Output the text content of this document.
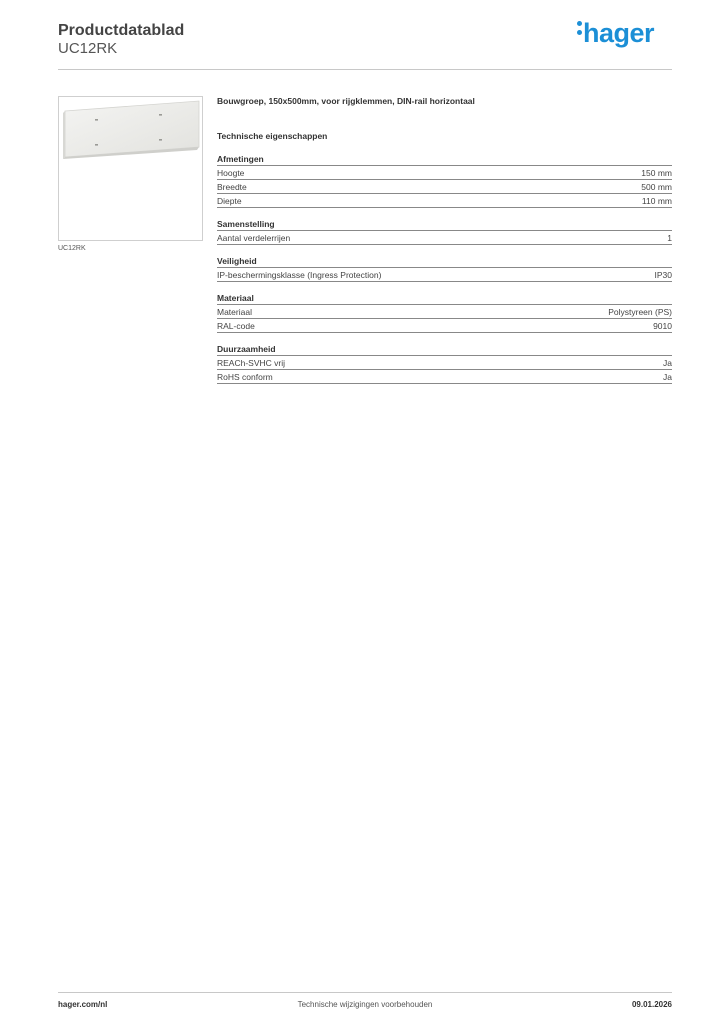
Productdatablad
UC12RK
hager
UC12RK
Bouwgroep, 150x500mm, voor rijgklemmen, DIN-rail horizontaal
Technische eigenschappen
Afmetingen
Hoogte	150 mm
Breedte	500 mm
Diepte	110 mm
Samenstelling
Aantal verdelerrijen	1
Veiligheid
IP-beschermingsklasse (Ingress Protection)	IP30
Materiaal
Materiaal	Polystyreen (PS)
RAL-code	9010
Duurzaamheid
REACh-SVHC vrij	Ja
RoHS conform	Ja
hager.com/nl	Technische wijzigingen voorbehouden	09.01.2026
